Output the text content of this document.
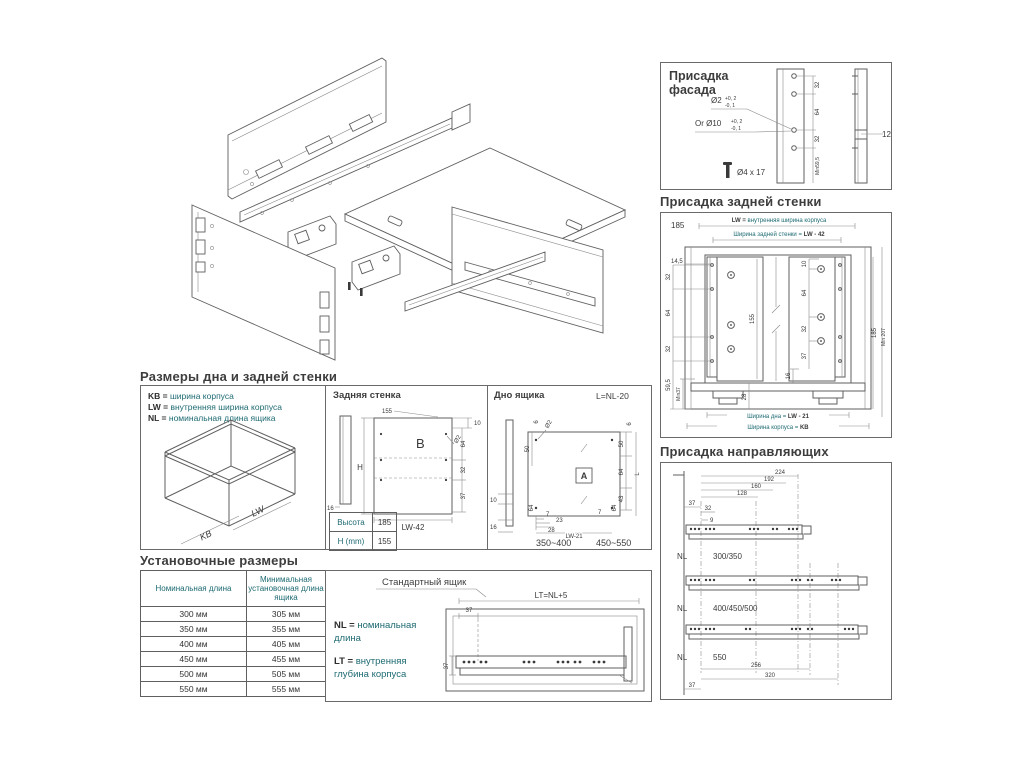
Присадка фасада	32
64
32
Min59,5
12
Ø2 +0, 2
-0, 1
Or Ø10 +0, 2
-0, 1
Ø4 x 17
Присадка задней стенки
185	LW = внутренняя ширина корпуса
Ширина задней стенки = LW - 42
155
14,5
32
64
32
59,5
Min37
10
64
32
37
16
28
185 Min 207
Ширина дна = LW - 21
Ширина корпуса = KB
Присадка направляющих
224
192
160
128
37
32
9
NL	300/350
NL	400/450/500
NL	550
256
320
37
Размеры дна и задней стенки
KB = ширина корпуса
LW = внутренняя ширина корпуса
NL = номинальная длина ящика
LW
KB
Задняя стенка
16
B
155
10
Ø2
64
32
37
H
LW-42
Высота	185
H (mm)	155
Дно ящика	L=NL-20
10
16
A
6 Ø2
50
6
50
64
43
L
64
7
23
28
7
64
LW-21
350~400	450~550
Установочные размеры
Номинальная длина	Минимальная установочная длина ящика
300 мм	305 мм
350 мм	355 мм
400 мм	405 мм
450 мм	455 мм
500 мм	505 мм
550 мм	555 мм
Стандартный ящик
NL = номинальная длина
LT = внутренняя глубина корпуса
LT=NL+5
37
37
